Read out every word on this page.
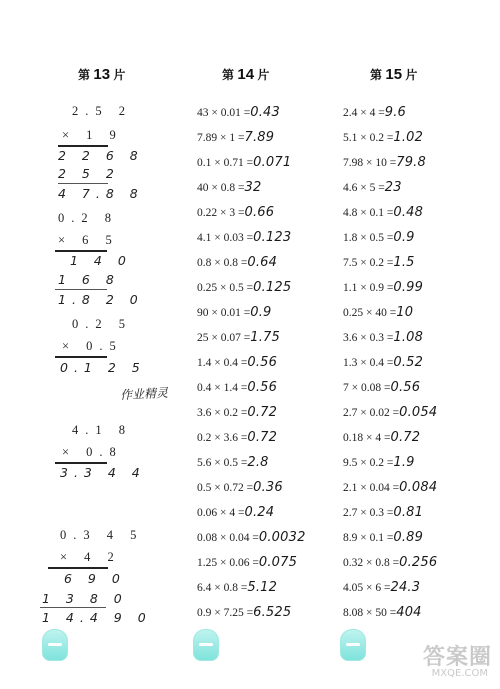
第 13 片	第 14 片	第 15 片
2.5 2
× 1 9
2 2 6 8
2 5 2
4 7.8 8
0.2 8
× 6 5
1 4 0
1 6 8
1.8 2 0
0.2 5
× 0.5
0.1 2 5
作业精灵
4.1 8
× 0.8
3.3 4 4
0.3 4 5
× 4 2
6 9 0
1 3 8 0
1 4.4 9 0
43 × 0.01 =0.43
7.89 × 1 =7.89
0.1 × 0.71 =0.071
40 × 0.8 =32
0.22 × 3 =0.66
4.1 × 0.03 =0.123
0.8 × 0.8 =0.64
0.25 × 0.5 =0.125
90 × 0.01 =0.9
25 × 0.07 =1.75
1.4 × 0.4 =0.56
0.4 × 1.4 =0.56
3.6 × 0.2 =0.72
0.2 × 3.6 =0.72
5.6 × 0.5 =2.8
0.5 × 0.72 =0.36
0.06 × 4 =0.24
0.08 × 0.04 =0.0032
1.25 × 0.06 =0.075
6.4 × 0.8 =5.12
0.9 × 7.25 =6.525
2.4 × 4 =9.6
5.1 × 0.2 =1.02
7.98 × 10 =79.8
4.6 × 5 =23
4.8 × 0.1 =0.48
1.8 × 0.5 =0.9
7.5 × 0.2 =1.5
1.1 × 0.9 =0.99
0.25 × 40 =10
3.6 × 0.3 =1.08
1.3 × 0.4 =0.52
7 × 0.08 =0.56
2.7 × 0.02 =0.054
0.18 × 4 =0.72
9.5 × 0.2 =1.9
2.1 × 0.04 =0.084
2.7 × 0.3 =0.81
8.9 × 0.1 =0.89
0.32 × 0.8 =0.256
4.05 × 6 =24.3
8.08 × 50 =404
答案圈
MXQE.COM
